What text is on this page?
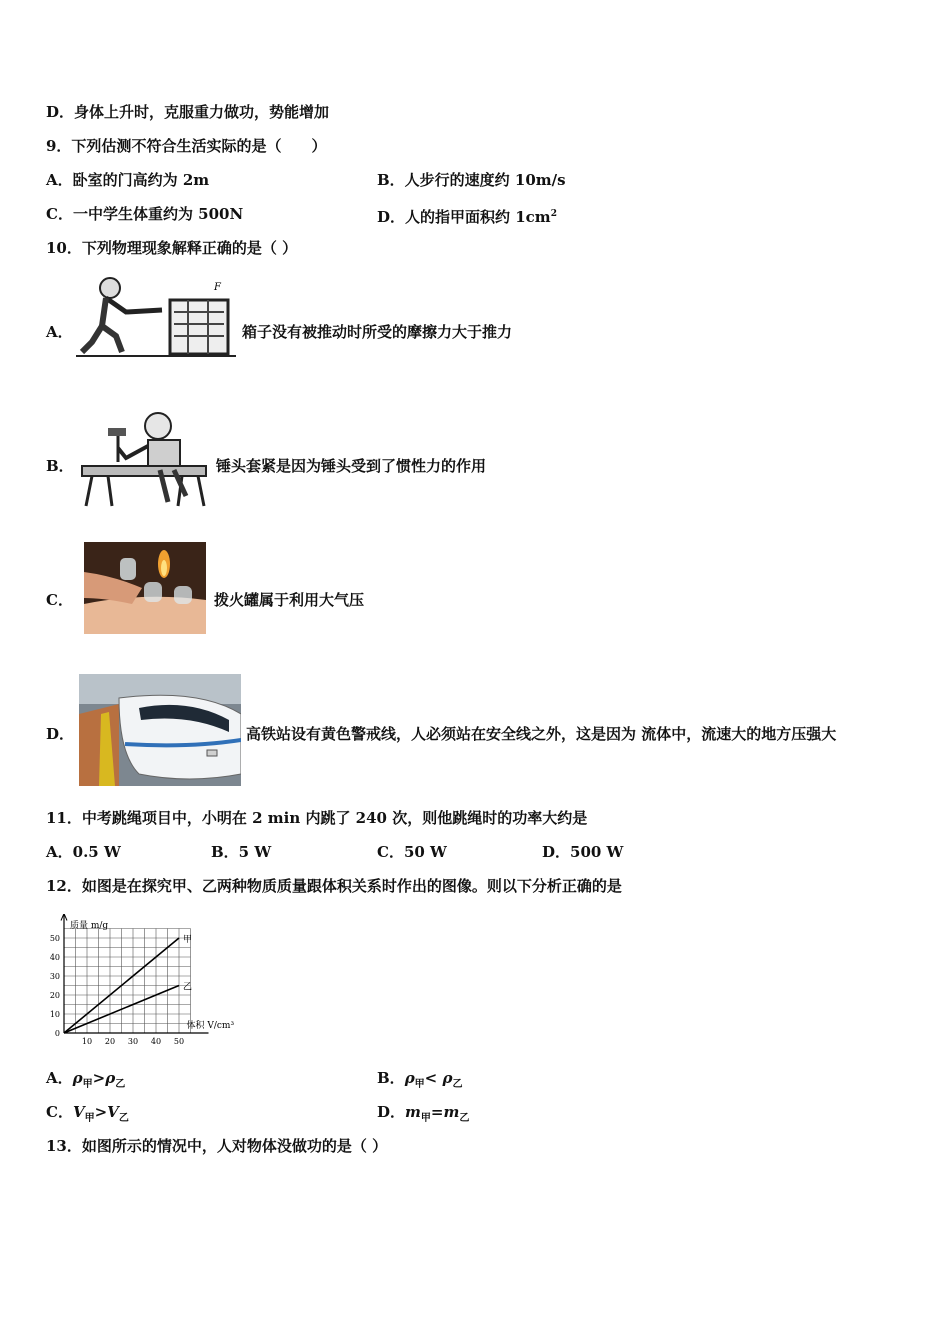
D．身体上升时，克服重力做功，势能增加
9．下列估测不符合生活实际的是（　　）
A．卧室的门高约为 2m	B．人步行的速度约 10m/s
C．一中学生体重约为 500N	D．人的指甲面积约 $1cm^2$
10．下列物理现象解释正确的是（ ）
A．
F
箱子没有被推动时所受的摩擦力大于推力
B．	锤头套紧是因为锤头受到了惯性力的作用
C．	拨火罐属于利用大气压
D．	高铁站设有黄色警戒线，人必须站在安全线之外，这是因为 流体中，流速大的地方压强大
11．中考跳绳项目中，小明在 2 min 内跳了 240 次，则他跳绳时的功率大约是
A．0.5 W	B．5 W	C．50 W	D．500 W
12．如图是在探究甲、乙两种物质质量跟体积关系时作出的图像。则以下分析正确的是
10 20 30 40 50
0
10
20
30
40
50	甲
乙
质量 m/g
体积 V/cm³
A．$\rho_甲>\rho_乙$	B．$\rho_甲< \rho_乙$
C．$V_甲>V_乙$	D．$m_甲=m_乙$
13．如图所示的情况中，人对物体没做功的是（ ）
